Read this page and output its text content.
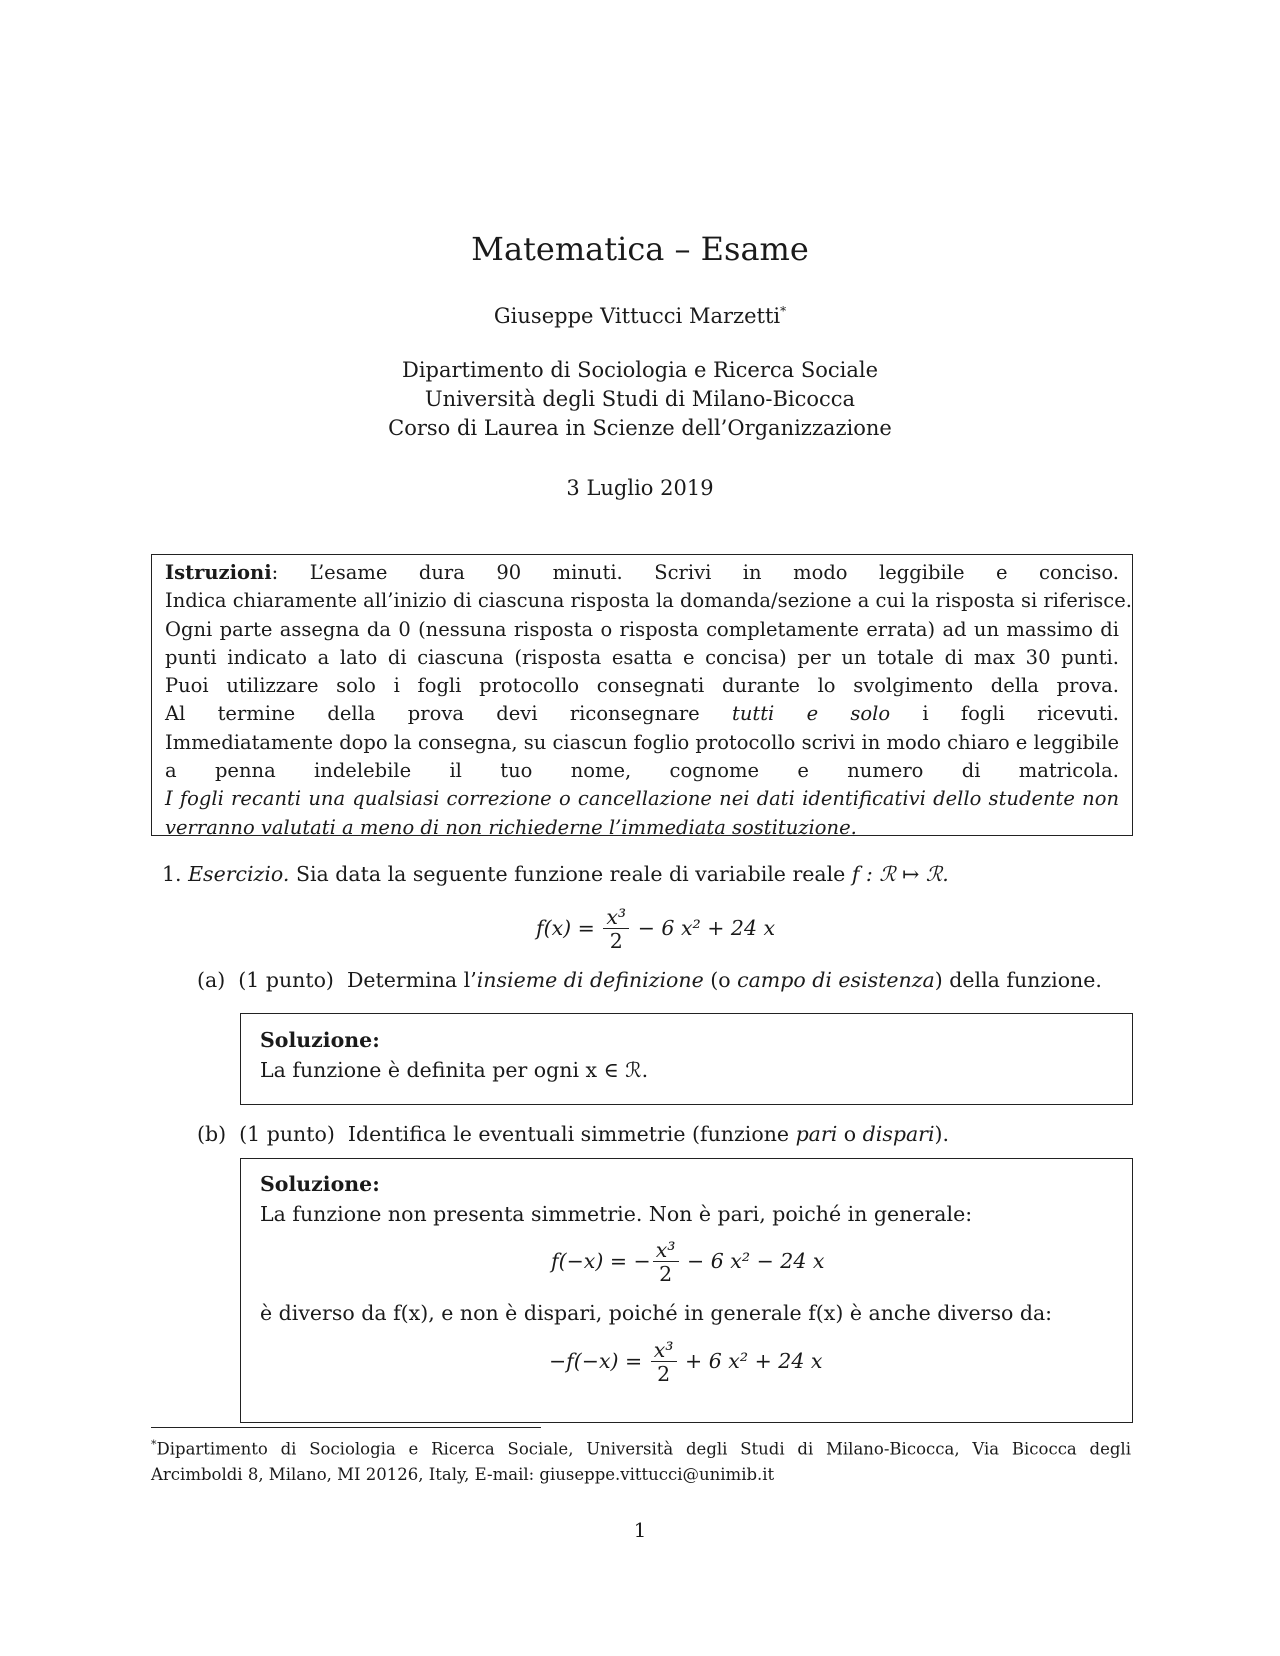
Matematica – Esame
Giuseppe Vittucci Marzetti*
Dipartimento di Sociologia e Ricerca Sociale
Università degli Studi di Milano-Bicocca
Corso di Laurea in Scienze dell’Organizzazione
3 Luglio 2019
Istruzioni: L’esame dura 90 minuti. Scrivi in modo leggibile e conciso.
Indica chiaramente all’inizio di ciascuna risposta la domanda/sezione a cui la risposta si riferisce.
Ogni parte assegna da 0 (nessuna risposta o risposta completamente errata) ad un massimo di
punti indicato a lato di ciascuna (risposta esatta e concisa) per un totale di max 30 punti.
Puoi utilizzare solo i fogli protocollo consegnati durante lo svolgimento della prova.
Al termine della prova devi riconsegnare tutti e solo i fogli ricevuti.
Immediatamente dopo la consegna, su ciascun foglio protocollo scrivi in modo chiaro e leggibile
a penna indelebile il tuo nome, cognome e numero di matricola.
I fogli recanti una qualsiasi correzione o cancellazione nei dati identificativi dello studente non
verranno valutati a meno di non richiederne l’immediata sostituzione.
1. Esercizio. Sia data la seguente funzione reale di variabile reale f : ℛ ↦ ℛ.
$f(x) = \frac{\text{x³}}{2} - 6$ x² + 24 x
(a) (1 punto) Determina l’insieme di definizione (o campo di esistenza) della funzione.
Soluzione:
La funzione è definita per ogni x ∈ ℛ.
(b) (1 punto) Identifica le eventuali simmetrie (funzione pari o dispari).
Soluzione:
La funzione non presenta simmetrie. Non è pari, poiché in generale:
f(−x) = − $\frac{\text{x³}}{2} - 6$ x² − 24 x
è diverso da f(x), e non è dispari, poiché in generale f(x) è anche diverso da:
$-f(-x) = \frac{\text{x³}}{2} + 6$ x² + 24 x
*Dipartimento di Sociologia e Ricerca Sociale, Università degli Studi di Milano-Bicocca, Via Bicocca degli
Arcimboldi 8, Milano, MI 20126, Italy, E-mail: giuseppe.vittucci@unimib.it
1
